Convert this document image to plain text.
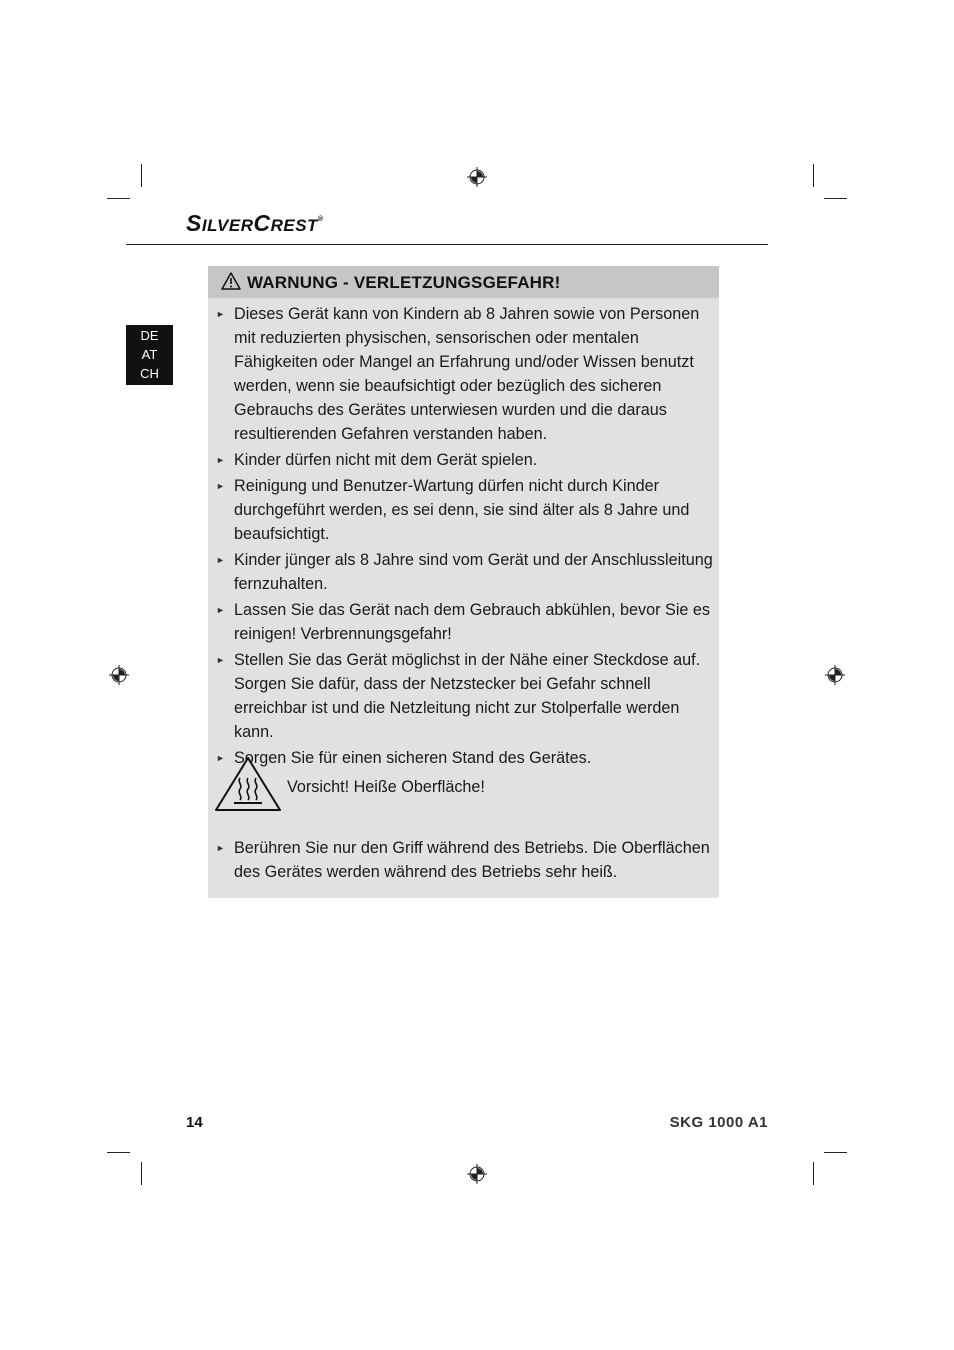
SILVERCREST®
DE
AT
CH
WARNUNG - VERLETZUNGSGEFAHR!
► Dieses Gerät kann von Kindern ab 8 Jahren sowie von Personen mit reduzierten physischen, sensorischen oder mentalen Fähigkeiten oder Mangel an Erfahrung und/oder Wissen benutzt werden, wenn sie beaufsichtigt oder bezüglich des sicheren Gebrauchs des Gerätes unterwiesen wurden und die daraus resultierenden Gefahren verstanden haben.
► Kinder dürfen nicht mit dem Gerät spielen.
► Reinigung und Benutzer-Wartung dürfen nicht durch Kinder durchgeführt werden, es sei denn, sie sind älter als 8 Jahre und beaufsichtigt.
► Kinder jünger als 8 Jahre sind vom Gerät und der Anschlussleitung fernzuhalten.
► Lassen Sie das Gerät nach dem Gebrauch abkühlen, bevor Sie es reinigen! Verbrennungsgefahr!
► Stellen Sie das Gerät möglichst in der Nähe einer Steckdose auf. Sorgen Sie dafür, dass der Netzstecker bei Gefahr schnell erreichbar ist und die Netzleitung nicht zur Stolperfalle werden kann.
► Sorgen Sie für einen sicheren Stand des Gerätes.
Vorsicht! Heiße Oberfläche!
► Berühren Sie nur den Griff während des Betriebs. Die Oberflächen des Gerätes werden während des Betriebs sehr heiß.
14	SKG 1000 A1
